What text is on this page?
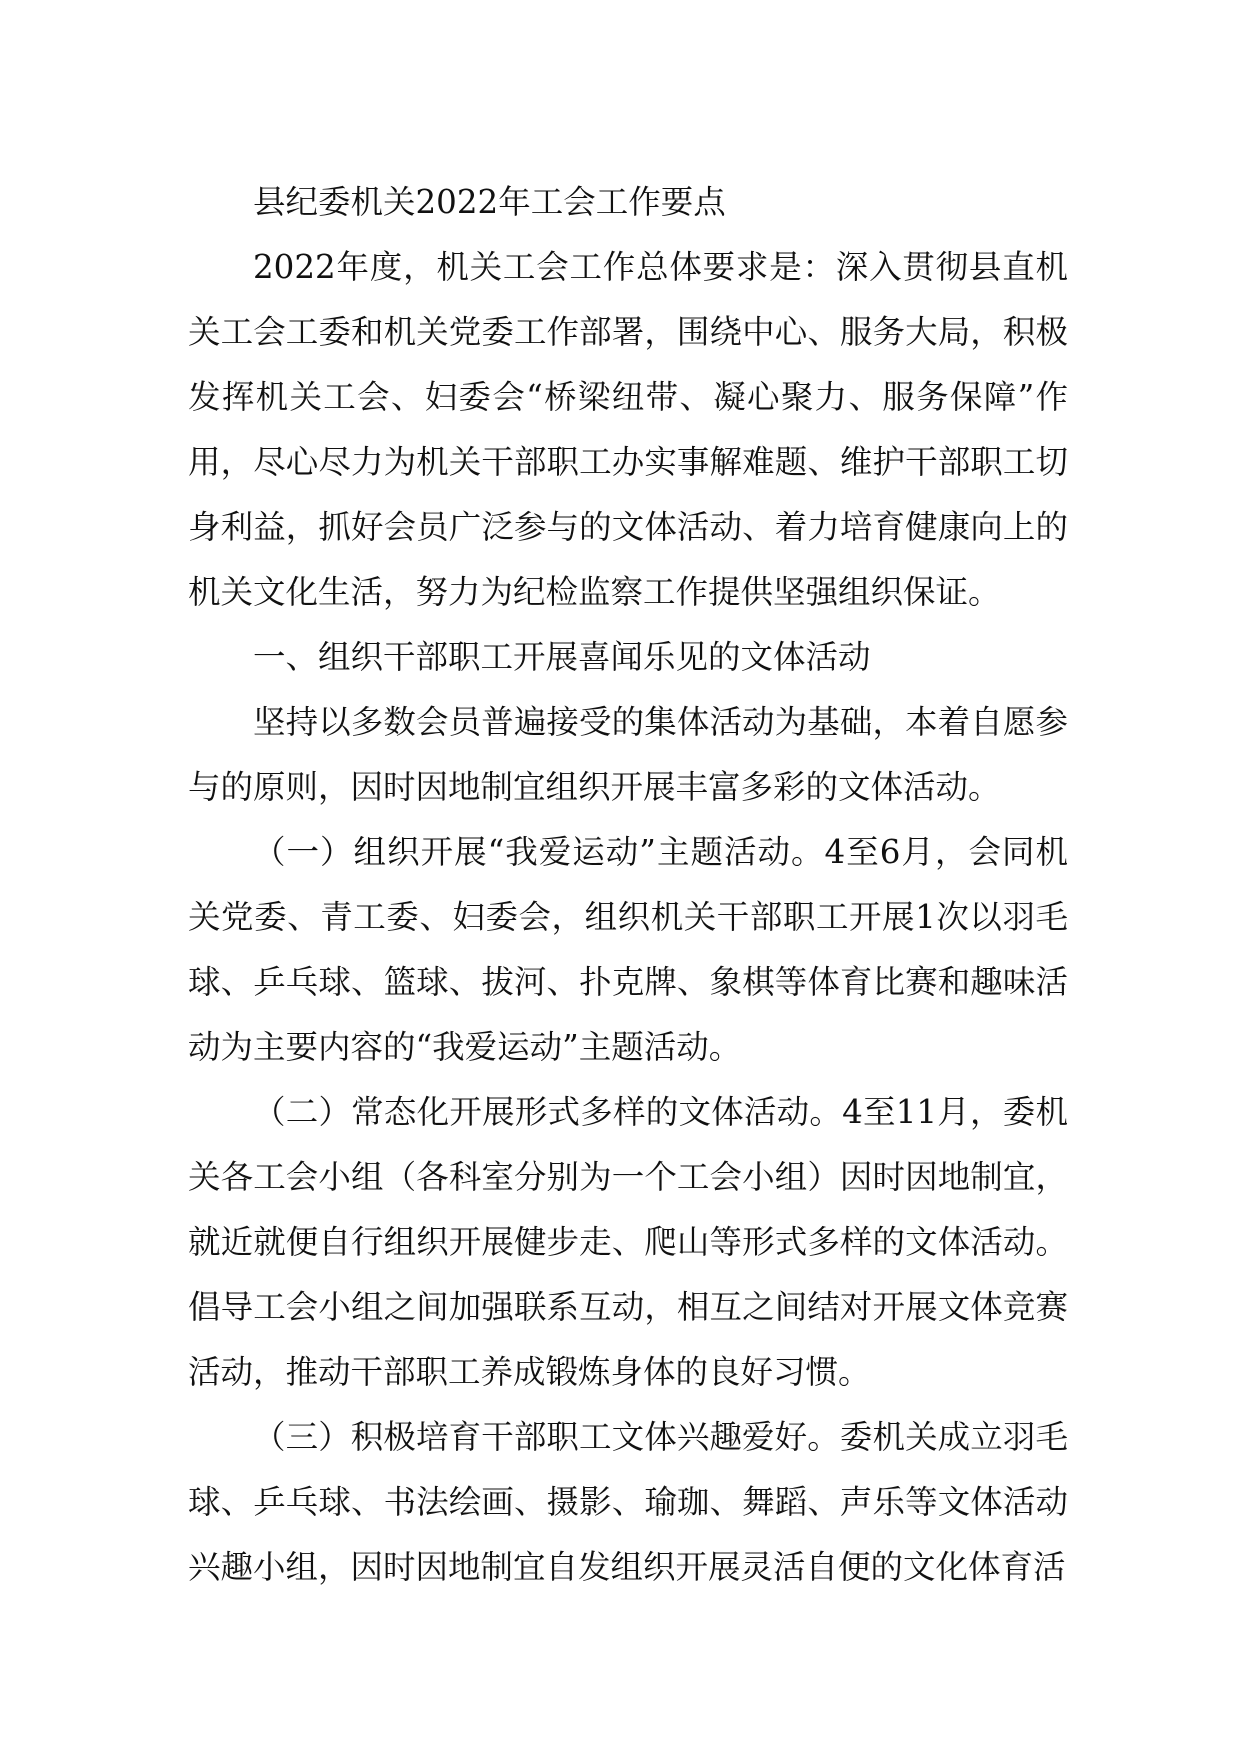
县纪委机关2022年工会工作要点

2022年度，机关工会工作总体要求是：深入贯彻县直机关工会工委和机关党委工作部署，围绕中心、服务大局，积极发挥机关工会、妇委会“桥梁纽带、凝心聚力、服务保障”作用，尽心尽力为机关干部职工办实事解难题、维护干部职工切身利益，抓好会员广泛参与的文体活动、着力培育健康向上的机关文化生活，努力为纪检监察工作提供坚强组织保证。

一、组织干部职工开展喜闻乐见的文体活动

坚持以多数会员普遍接受的集体活动为基础，本着自愿参与的原则，因时因地制宜组织开展丰富多彩的文体活动。

（一）组织开展“我爱运动”主题活动。4至6月，会同机关党委、青工委、妇委会，组织机关干部职工开展1次以羽毛球、乒乓球、篮球、拔河、扑克牌、象棋等体育比赛和趣味活动为主要内容的“我爱运动”主题活动。

（二）常态化开展形式多样的文体活动。4至11月，委机关各工会小组（各科室分别为一个工会小组）因时因地制宜，就近就便自行组织开展健步走、爬山等形式多样的文体活动。倡导工会小组之间加强联系互动，相互之间结对开展文体竞赛活动，推动干部职工养成锻炼身体的良好习惯。

（三）积极培育干部职工文体兴趣爱好。委机关成立羽毛球、乒乓球、书法绘画、摄影、瑜珈、舞蹈、声乐等文体活动兴趣小组，因时因地制宜自发组织开展灵活自便的文化体育活
